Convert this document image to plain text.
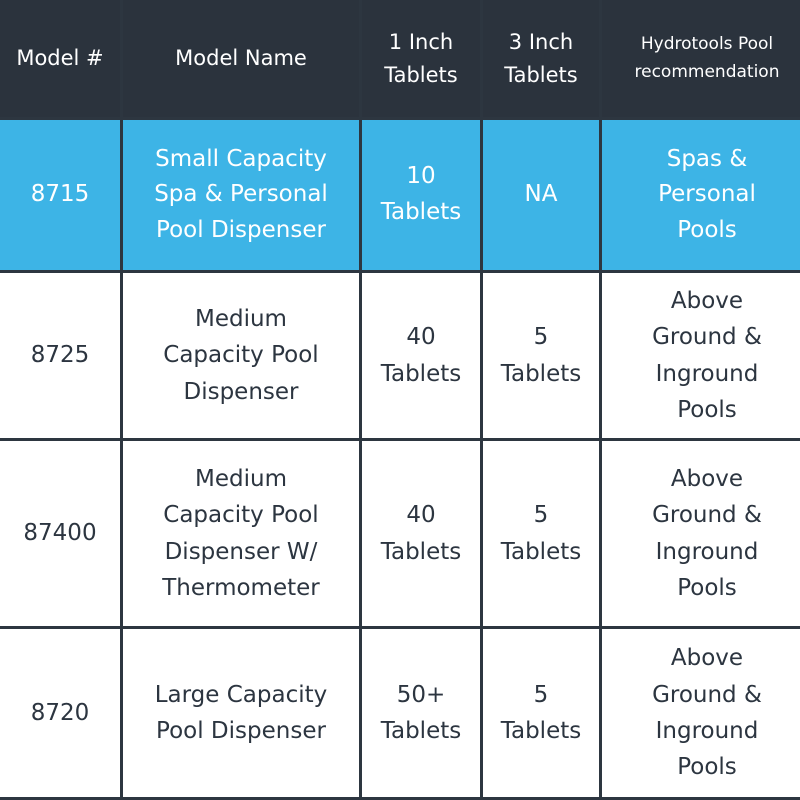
Model #	Model Name
1 Inch
Tablets
3 Inch
Tablets
Hydrotools Pool
recommendation
8715
Small Capacity
Spa & Personal
Pool Dispenser
10
Tablets
NA
Spas &
Personal
Pools
8725
Medium
Capacity Pool
Dispenser
40
Tablets
5
Tablets
Above
Ground &
Inground
Pools
87400
Medium
Capacity Pool
Dispenser W/
Thermometer
40
Tablets
5
Tablets
Above
Ground &
Inground
Pools
8720
Large Capacity
Pool Dispenser
50+
Tablets
5
Tablets
Above
Ground &
Inground
Pools
